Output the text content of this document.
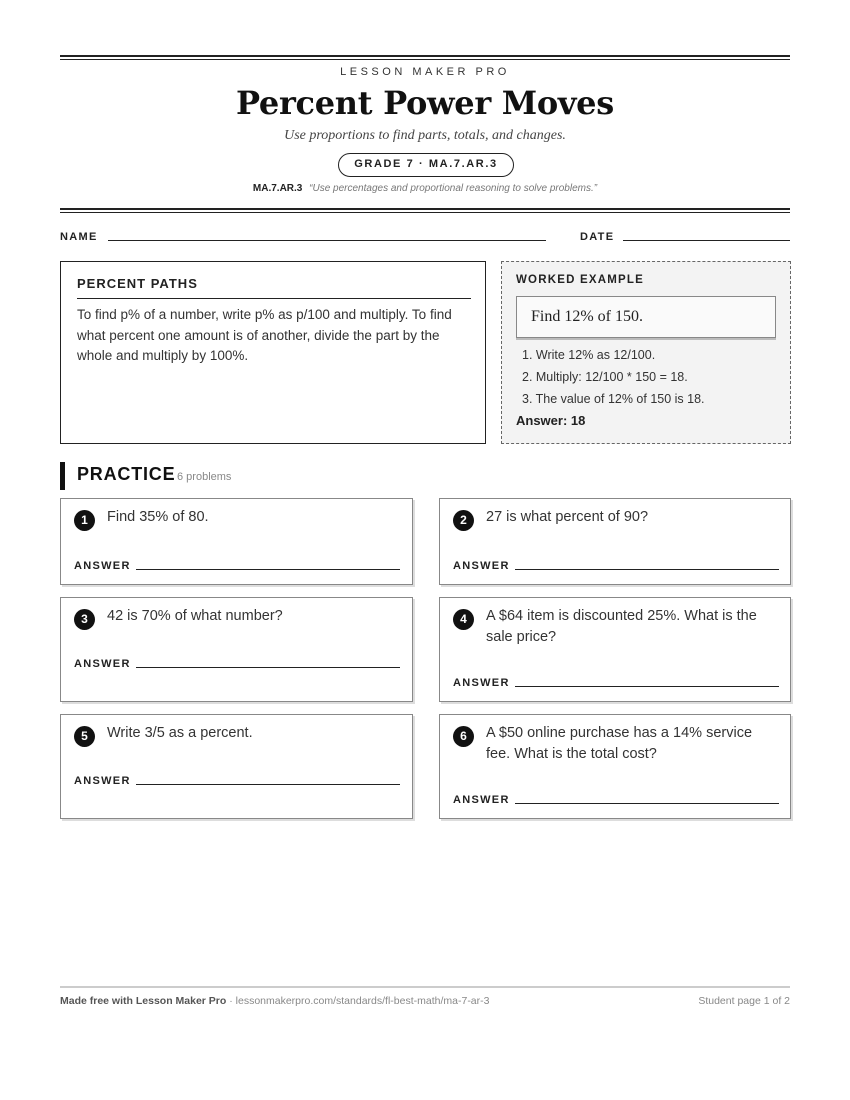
LESSON MAKER PRO
Percent Power Moves
Use proportions to find parts, totals, and changes.
GRADE 7 · MA.7.AR.3
MA.7.AR.3 “Use percentages and proportional reasoning to solve problems.”
NAME	DATE
PERCENT PATHS
To find p% of a number, write p% as p/100 and multiply. To find what percent one amount is of another, divide the part by the whole and multiply by 100%.
WORKED EXAMPLE
Find 12% of 150.
1. Write 12% as 12/100.
2. Multiply: 12/100 * 150 = 18.
3. The value of 12% of 150 is 18.
Answer: 18
PRACTICE 6 problems
1	Find 35% of 80.
ANSWER
2	27 is what percent of 90?
ANSWER
3	42 is 70% of what number?
ANSWER
4	A $64 item is discounted 25%. What is the sale price?
ANSWER
5	Write 3/5 as a percent.
ANSWER
6	A $50 online purchase has a 14% service fee. What is the total cost?
ANSWER
Made free with Lesson Maker Pro · lessonmakerpro.com/standards/fl-best-math/ma-7-ar-3	Student page 1 of 2
